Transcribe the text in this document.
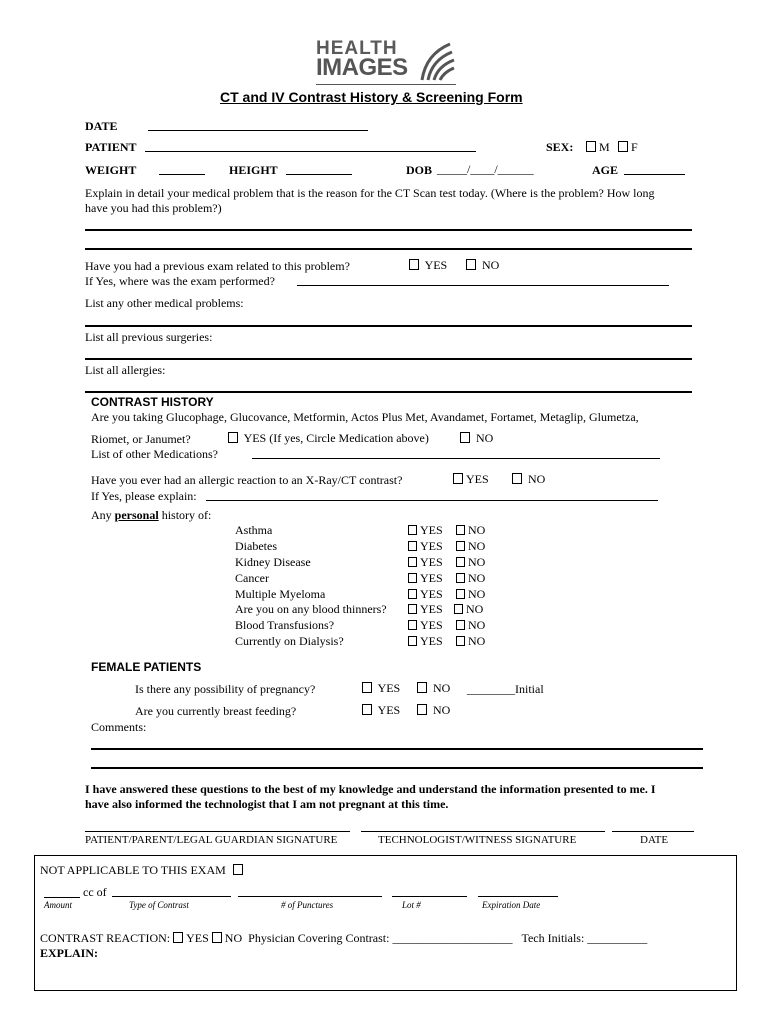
HEALTH
IMAGES
CT and IV Contrast History & Screening Form
DATE
PATIENT	SEX:	M	F
WEIGHT	HEIGHT	DOB _____/____/______	AGE
Explain in detail your medical problem that is the reason for the CT Scan test today. (Where is the problem? How long
have you had this problem?)
Have you had a previous exam related to this problem?	YES	NO
If Yes, where was the exam performed?
List any other medical problems:
List all previous surgeries:
List all allergies:
CONTRAST HISTORY
Are you taking Glucophage, Glucovance, Metformin, Actos Plus Met, Avandamet, Fortamet, Metaglip, Glumetza,
Riomet, or Janumet?	YES (If yes, Circle Medication above)	NO
List of other Medications?
Have you ever had an allergic reaction to an X-Ray/CT contrast?	YES	NO
If Yes, please explain:
Any personal history of:
Asthma	YES	NO
Diabetes	YES	NO
Kidney Disease	YES	NO
Cancer	YES	NO
Multiple Myeloma	YES	NO
Are you on any blood thinners?	YES	NO
Blood Transfusions?	YES	NO
Currently on Dialysis?	YES	NO
FEMALE PATIENTS
Is there any possibility of pregnancy?	YES	NO ________Initial
Are you currently breast feeding?	YES	NO
Comments:
I have answered these questions to the best of my knowledge and understand the information presented to me. I
have also informed the technologist that I am not pregnant at this time.
PATIENT/PARENT/LEGAL GUARDIAN SIGNATURE	TECHNOLOGIST/WITNESS SIGNATURE	DATE
NOT APPLICABLE TO THIS EXAM
cc of
Amount	Type of Contrast	# of Punctures	Lot #	Expiration Date
CONTRAST REACTION: YES NO Physician Covering Contrast: ____________________ Tech Initials: __________
EXPLAIN:
